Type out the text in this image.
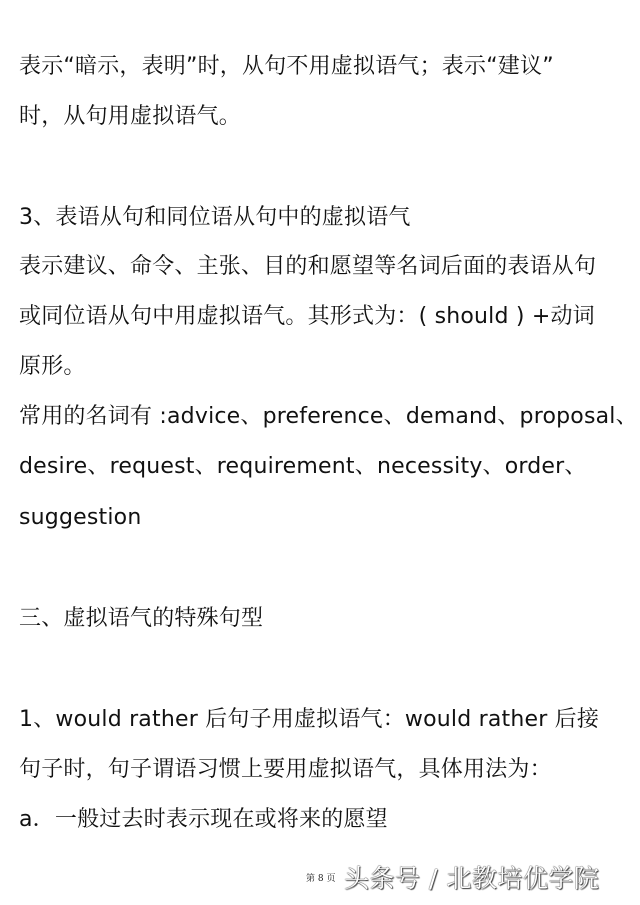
表示“暗示，表明”时，从句不用虚拟语气；表示“建议”
时，从句用虚拟语气。
3、表语从句和同位语从句中的虚拟语气
表示建议、命令、主张、目的和愿望等名词后面的表语从句
或同位语从句中用虚拟语气。其形式为：( should ) +动词
原形。
常用的名词有 :advice、preference、demand、proposal、
desire、request、requirement、necessity、order、
suggestion
三、虚拟语气的特殊句型
1、would rather 后句子用虚拟语气：would rather 后接
句子时，句子谓语习惯上要用虚拟语气，具体用法为：
a．一般过去时表示现在或将来的愿望
第 8 页 头条号 / 北教培优学院
